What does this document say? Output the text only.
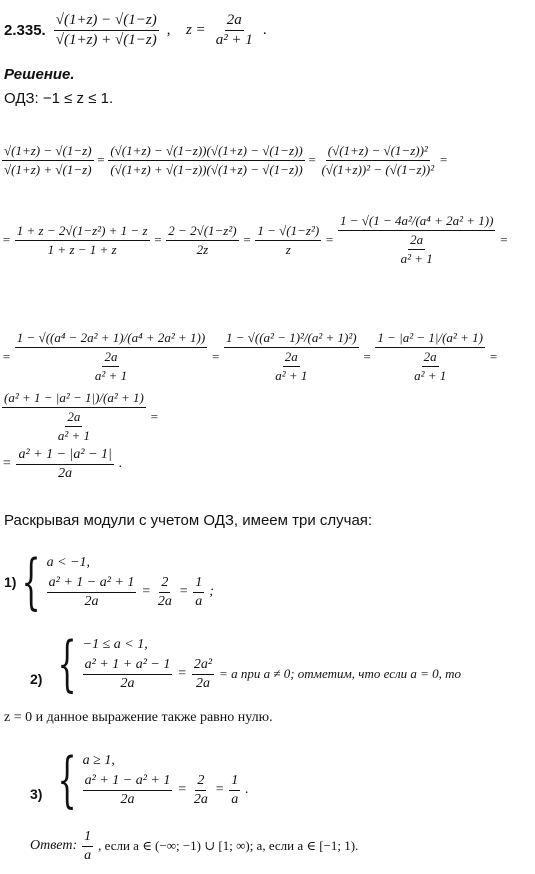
2.335. $\frac{√(1+z) - √(1-z)}{√(1+z) + √(1-z)}$ , $z = \frac{2a}{\text{a² + 1}}$ .
Решение.
ОДЗ: −1 ≤ z ≤ 1.
$\frac{√(1+z) - √(1-z)}{√(1+z) + √(1-z)} = \frac{(√(1+z) - √(1-z))(√(1+z) - √(1-z))}{(√(1+z) + √(1-z))(√(1+z) - √(1-z))} = \frac{\text{(√(1+z) − √(1−z))²}}{\text{(√(1+z))² − (√(1−z))²}}$ =
= $\frac{\text{1 + z − 2√(1−z²) + 1 − z}}{1 + z - 1 + z} = \frac{\text{2 − 2√(1−z²)}}{2z} = \frac{\text{1 − √(1−z²)}}{z} = \frac{\text{1 − √(1 − 4a²/(a⁴ + 2a² + 1))}}{\frac{2a}{\text{a² + 1}}}$ =
= $\frac{\text{1 − √((a⁴ − 2a² + 1)/(a⁴ + 2a² + 1))}}{\frac{2a}{\text{a² + 1}}} = \frac{\text{1 − √((a² − 1)²/(a² + 1)²)}}{\frac{2a}{\text{a² + 1}}} = \frac{\text{1 − |a² − 1|/(a² + 1)}}{\frac{2a}{\text{a² + 1}}}$ =
$\frac{\text{(a² + 1 − |a² − 1|)/(a² + 1)}}{\frac{2a}{\text{a² + 1}}}$ =
= $\frac{\text{a² + 1 − |a² − 1|}}{2a}$ .
Раскрывая модули с учетом ОДЗ, имеем три случая:
1) { a < −1,
$\frac{\text{a² + 1 − a² + 1}}{2a} = \frac{2}{2a} = \frac{1}{a}$ ;
2) { −1 ≤ a < 1,
$\frac{\text{a² + 1 + a² − 1}}{2a} = \frac{\text{2a²}}{2a} = a$ при a ≠ 0; отметим, что если a = 0, то
z = 0 и данное выражение также равно нулю.
3) { a ≥ 1,
$\frac{\text{a² + 1 − a² + 1}}{2a} = \frac{2}{2a} = \frac{1}{a}$ .
Ответ: $\frac{1}{a}$ , если a ∈ (−∞; −1) ∪ [1; ∞); a, если a ∈ [−1; 1).
